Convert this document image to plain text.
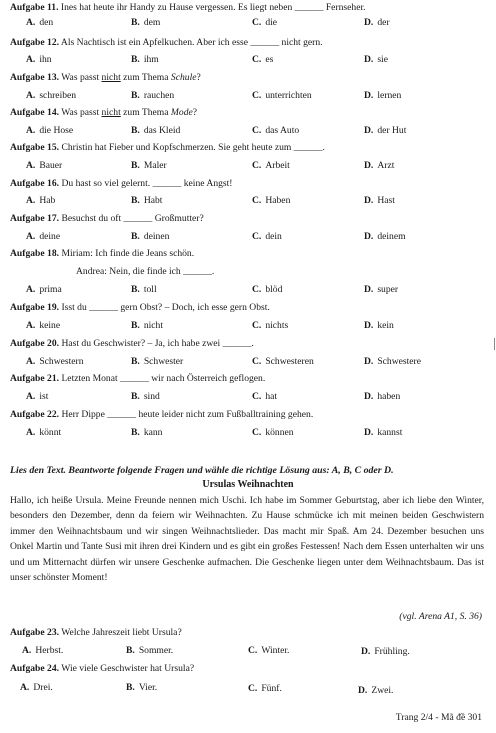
Aufgabe 11. Ines hat heute ihr Handy zu Hause vergessen. Es liegt neben ______ Fernseher.
A. den	B. dem	C. die	D. der
Aufgabe 12. Als Nachtisch ist ein Apfelkuchen. Aber ich esse ______ nicht gern.
A. ihn	B. ihm	C. es	D. sie
Aufgabe 13. Was passt nicht zum Thema Schule?
A. schreiben	B. rauchen	C. unterrichten	D. lernen
Aufgabe 14. Was passt nicht zum Thema Mode?
A. die Hose	B. das Kleid	C. das Auto	D. der Hut
Aufgabe 15. Christin hat Fieber und Kopfschmerzen. Sie geht heute zum ______.
A. Bauer	B. Maler	C. Arbeit	D. Arzt
Aufgabe 16. Du hast so viel gelernt. ______ keine Angst!
A. Hab	B. Habt	C. Haben	D. Hast
Aufgabe 17. Besuchst du oft ______ Großmutter?
A. deine	B. deinen	C. dein	D. deinem
Aufgabe 18. Miriam: Ich finde die Jeans schön.
Andrea: Nein, die finde ich ______.
A. prima	B. toll	C. blöd	D. super
Aufgabe 19. Isst du ______ gern Obst? – Doch, ich esse gern Obst.
A. keine	B. nicht	C. nichts	D. kein
Aufgabe 20. Hast du Geschwister? – Ja, ich habe zwei ______.
A. Schwestern	B. Schwester	C. Schwesteren	D. Schwestere
Aufgabe 21. Letzten Monat ______ wir nach Österreich geflogen.
A. ist	B. sind	C. hat	D. haben
Aufgabe 22. Herr Dippe ______ heute leider nicht zum Fußballtraining gehen.
A. könnt	B. kann	C. können	D. kannst
Lies den Text. Beantworte folgende Fragen und wähle die richtige Lösung aus: A, B, C oder D.
Ursulas Weihnachten

Hallo, ich heiße Ursula. Meine Freunde nennen mich Uschi. Ich habe im Sommer Geburtstag, aber ich liebe den Winter, besonders den Dezember, denn da feiern wir Weihnachten. Zu Hause schmücke ich mit meinen beiden Geschwistern immer den Weihnachtsbaum und wir singen Weihnachtslieder. Das macht mir Spaß. Am 24. Dezember besuchen uns Onkel Martin und Tante Susi mit ihren drei Kindern und es gibt ein großes Festessen! Nach dem Essen unterhalten wir uns und um Mitternacht dürfen wir unsere Geschenke aufmachen. Die Geschenke liegen unter dem Weihnachtsbaum. Das ist unser schönster Moment!

(vgl. Arena A1, S. 36)
Aufgabe 23. Welche Jahreszeit liebt Ursula?
A. Herbst.	B. Sommer.	C. Winter.	D. Frühling.
Aufgabe 24. Wie viele Geschwister hat Ursula?
A. Drei.	B. Vier.	C. Fünf.	D. Zwei.
Trang 2/4 - Mã đề 301
